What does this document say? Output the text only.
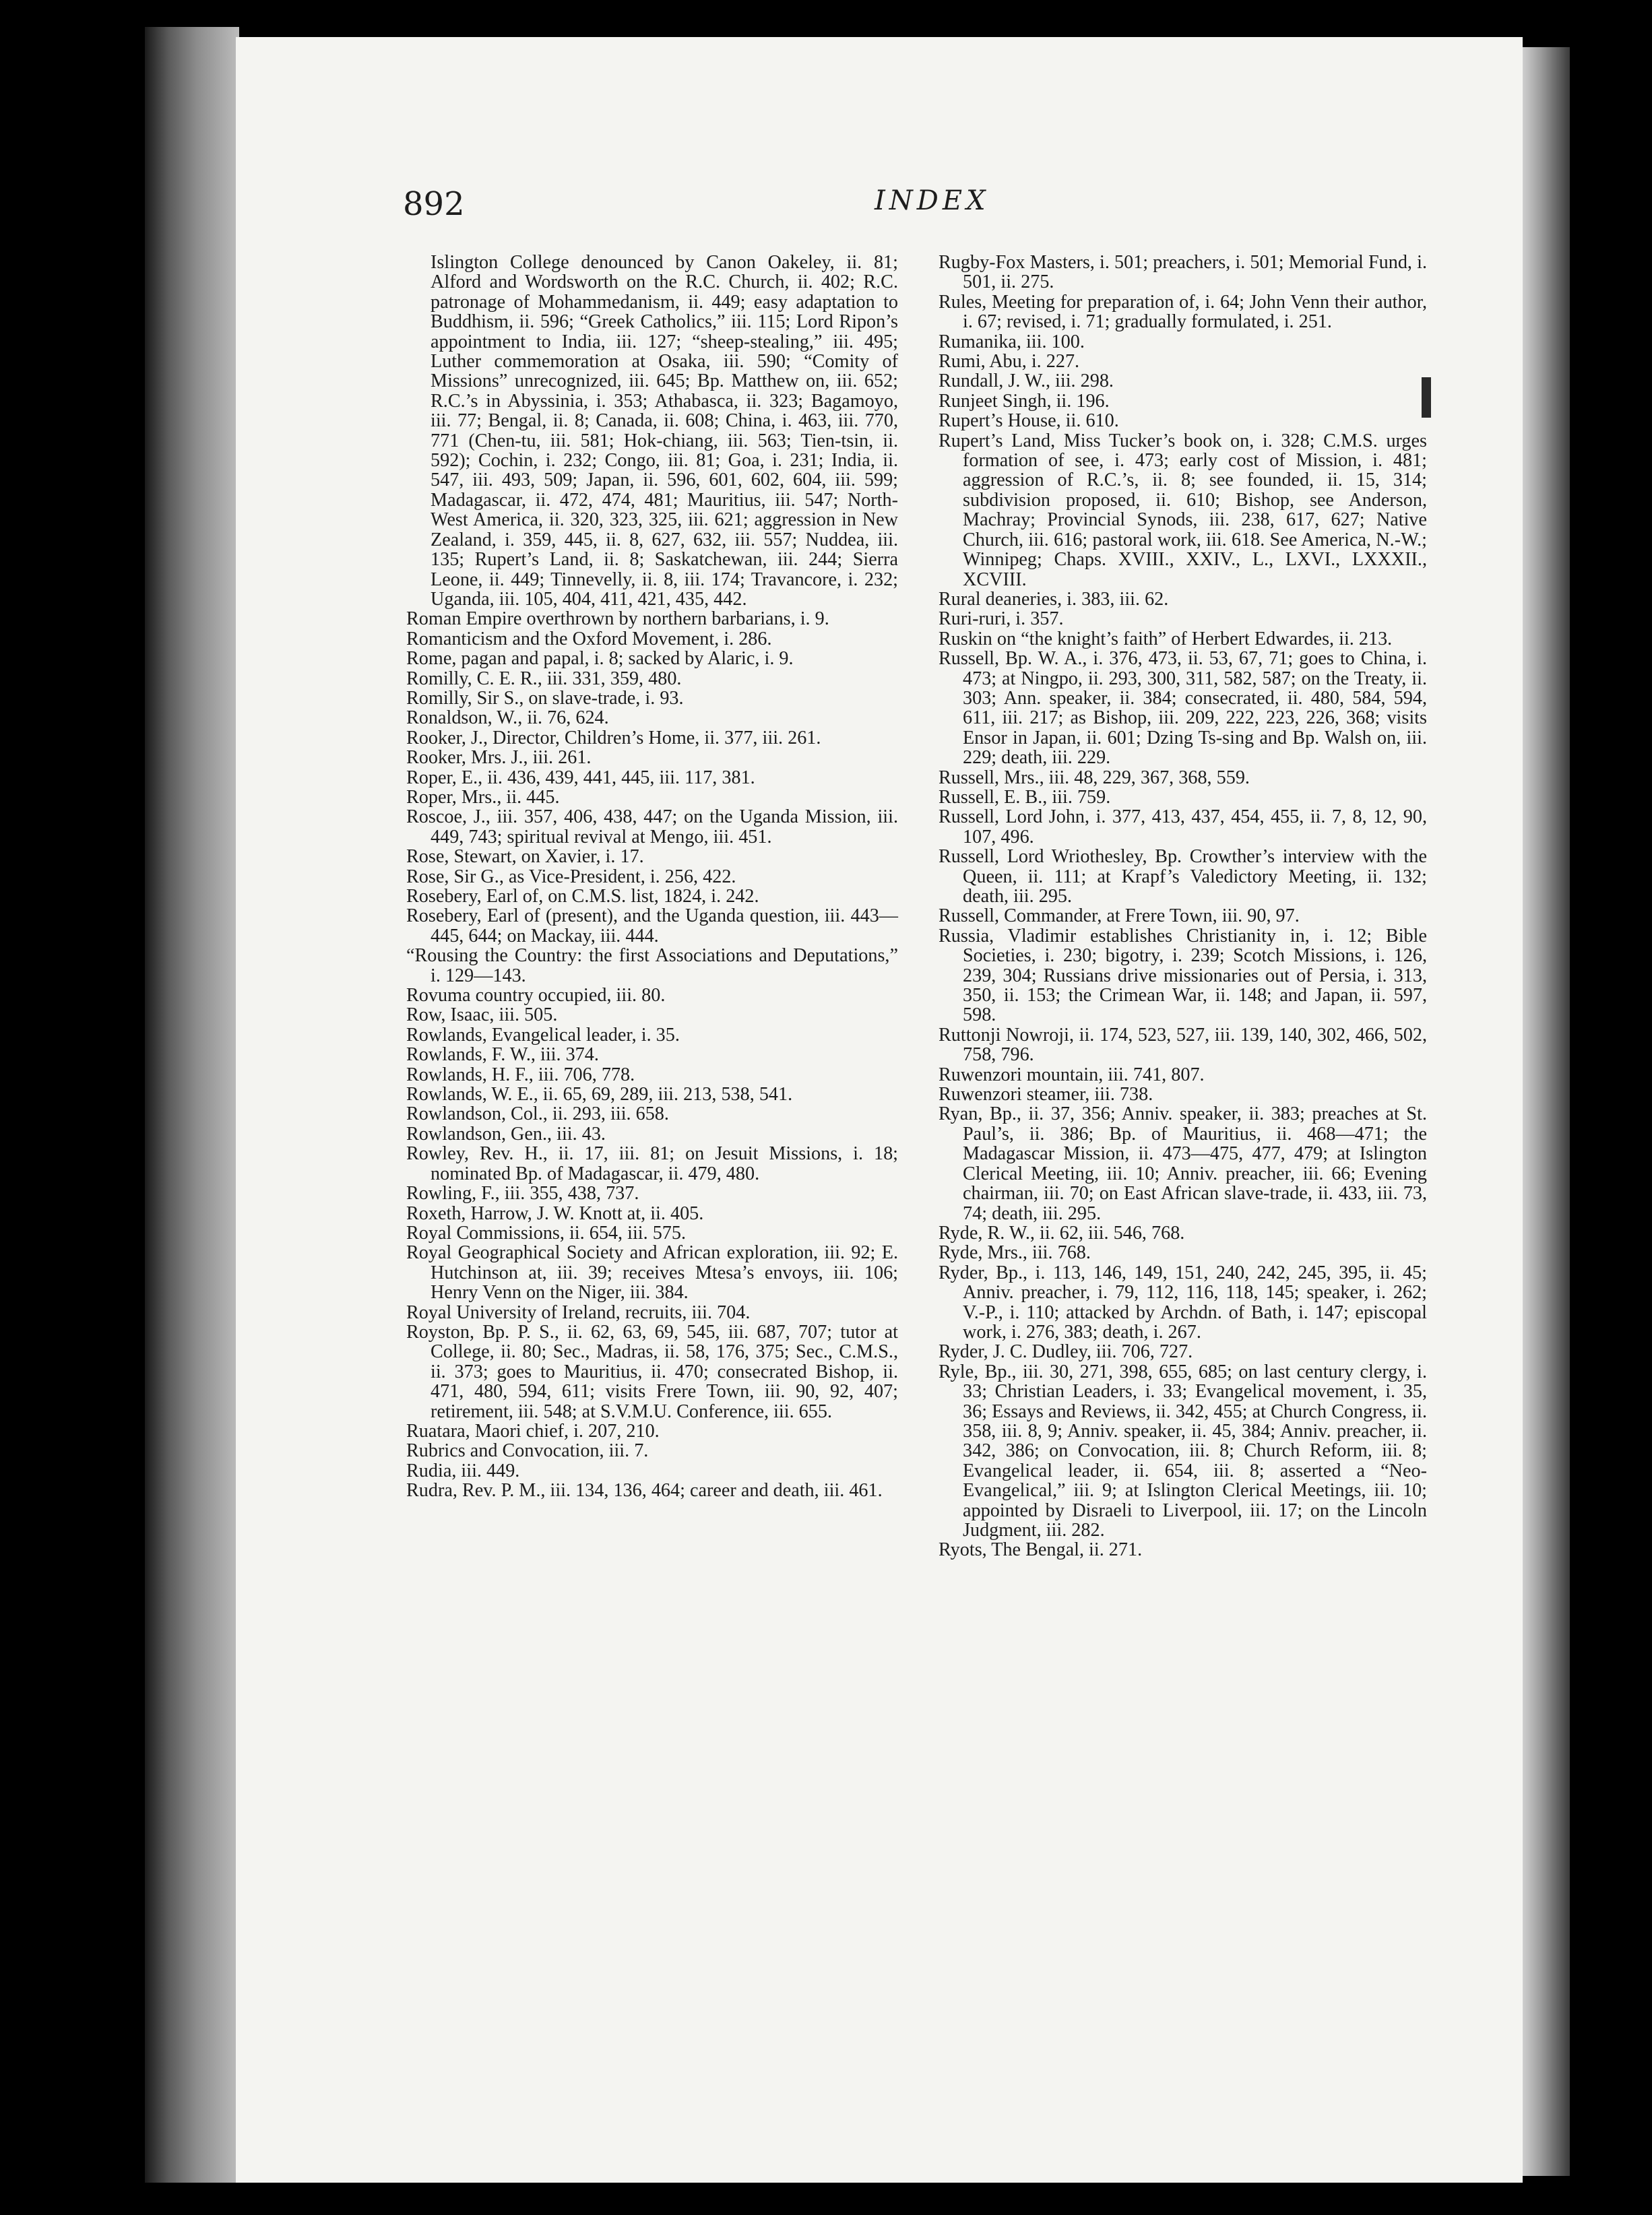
892	INDEX

Islington College denounced by Canon Oakeley, ii. 81; Alford and Wordsworth on the R.C. Church, ii. 402; R.C. patronage of Mohammedanism, ii. 449; easy adaptation to Buddhism, ii. 596; “Greek Catholics,” iii. 115; Lord Ripon’s appointment to India, iii. 127; “sheep-stealing,” iii. 495; Luther commemoration at Osaka, iii. 590; “Comity of Missions” unrecognized, iii. 645; Bp. Matthew on, iii. 652; R.C.’s in Abyssinia, i. 353; Athabasca, ii. 323; Bagamoyo, iii. 77; Bengal, ii. 8; Canada, ii. 608; China, i. 463, iii. 770, 771 (Chen-tu, iii. 581; Hok-chiang, iii. 563; Tien-tsin, ii. 592); Cochin, i. 232; Congo, iii. 81; Goa, i. 231; India, ii. 547, iii. 493, 509; Japan, ii. 596, 601, 602, 604, iii. 599; Madagascar, ii. 472, 474, 481; Mauritius, iii. 547; North-West America, ii. 320, 323, 325, iii. 621; aggression in New Zealand, i. 359, 445, ii. 8, 627, 632, iii. 557; Nuddea, iii. 135; Rupert’s Land, ii. 8; Saskatchewan, iii. 244; Sierra Leone, ii. 449; Tinnevelly, ii. 8, iii. 174; Travancore, i. 232; Uganda, iii. 105, 404, 411, 421, 435, 442.

Roman Empire overthrown by northern barbarians, i. 9.

Romanticism and the Oxford Movement, i. 286.

Rome, pagan and papal, i. 8; sacked by Alaric, i. 9.

Romilly, C. E. R., iii. 331, 359, 480.

Romilly, Sir S., on slave-trade, i. 93.

Ronaldson, W., ii. 76, 624.

Rooker, J., Director, Children’s Home, ii. 377, iii. 261.

Rooker, Mrs. J., iii. 261.

Roper, E., ii. 436, 439, 441, 445, iii. 117, 381.

Roper, Mrs., ii. 445.

Roscoe, J., iii. 357, 406, 438, 447; on the Uganda Mission, iii. 449, 743; spiritual revival at Mengo, iii. 451.

Rose, Stewart, on Xavier, i. 17.

Rose, Sir G., as Vice-President, i. 256, 422.

Rosebery, Earl of, on C.M.S. list, 1824, i. 242.

Rosebery, Earl of (present), and the Uganda question, iii. 443—445, 644; on Mackay, iii. 444.

“Rousing the Country: the first Associations and Deputations,” i. 129—143.

Rovuma country occupied, iii. 80.

Row, Isaac, iii. 505.

Rowlands, Evangelical leader, i. 35.

Rowlands, F. W., iii. 374.

Rowlands, H. F., iii. 706, 778.

Rowlands, W. E., ii. 65, 69, 289, iii. 213, 538, 541.

Rowlandson, Col., ii. 293, iii. 658.

Rowlandson, Gen., iii. 43.

Rowley, Rev. H., ii. 17, iii. 81; on Jesuit Missions, i. 18; nominated Bp. of Madagascar, ii. 479, 480.

Rowling, F., iii. 355, 438, 737.

Roxeth, Harrow, J. W. Knott at, ii. 405.

Royal Commissions, ii. 654, iii. 575.

Royal Geographical Society and African exploration, iii. 92; E. Hutchinson at, iii. 39; receives Mtesa’s envoys, iii. 106; Henry Venn on the Niger, iii. 384.

Royal University of Ireland, recruits, iii. 704.

Royston, Bp. P. S., ii. 62, 63, 69, 545, iii. 687, 707; tutor at College, ii. 80; Sec., Madras, ii. 58, 176, 375; Sec., C.M.S., ii. 373; goes to Mauritius, ii. 470; consecrated Bishop, ii. 471, 480, 594, 611; visits Frere Town, iii. 90, 92, 407; retirement, iii. 548; at S.V.M.U. Conference, iii. 655.

Ruatara, Maori chief, i. 207, 210.

Rubrics and Convocation, iii. 7.

Rudia, iii. 449.

Rudra, Rev. P. M., iii. 134, 136, 464; career and death, iii. 461.

Rugby-Fox Masters, i. 501; preachers, i. 501; Memorial Fund, i. 501, ii. 275.

Rules, Meeting for preparation of, i. 64; John Venn their author, i. 67; revised, i. 71; gradually formulated, i. 251.

Rumanika, iii. 100.

Rumi, Abu, i. 227.

Rundall, J. W., iii. 298.

Runjeet Singh, ii. 196.

Rupert’s House, ii. 610.

Rupert’s Land, Miss Tucker’s book on, i. 328; C.M.S. urges formation of see, i. 473; early cost of Mission, i. 481; aggression of R.C.’s, ii. 8; see founded, ii. 15, 314; subdivision proposed, ii. 610; Bishop, see Anderson, Machray; Provincial Synods, iii. 238, 617, 627; Native Church, iii. 616; pastoral work, iii. 618. See America, N.-W.; Winnipeg; Chaps. XVIII., XXIV., L., LXVI., LXXXII., XCVIII.

Rural deaneries, i. 383, iii. 62.

Ruri-ruri, i. 357.

Ruskin on “the knight’s faith” of Herbert Edwardes, ii. 213.

Russell, Bp. W. A., i. 376, 473, ii. 53, 67, 71; goes to China, i. 473; at Ningpo, ii. 293, 300, 311, 582, 587; on the Treaty, ii. 303; Ann. speaker, ii. 384; consecrated, ii. 480, 584, 594, 611, iii. 217; as Bishop, iii. 209, 222, 223, 226, 368; visits Ensor in Japan, ii. 601; Dzing Ts-sing and Bp. Walsh on, iii. 229; death, iii. 229.

Russell, Mrs., iii. 48, 229, 367, 368, 559.

Russell, E. B., iii. 759.

Russell, Lord John, i. 377, 413, 437, 454, 455, ii. 7, 8, 12, 90, 107, 496.

Russell, Lord Wriothesley, Bp. Crowther’s interview with the Queen, ii. 111; at Krapf’s Valedictory Meeting, ii. 132; death, iii. 295.

Russell, Commander, at Frere Town, iii. 90, 97.

Russia, Vladimir establishes Christianity in, i. 12; Bible Societies, i. 230; bigotry, i. 239; Scotch Missions, i. 126, 239, 304; Russians drive missionaries out of Persia, i. 313, 350, ii. 153; the Crimean War, ii. 148; and Japan, ii. 597, 598.

Ruttonji Nowroji, ii. 174, 523, 527, iii. 139, 140, 302, 466, 502, 758, 796.

Ruwenzori mountain, iii. 741, 807.

Ruwenzori steamer, iii. 738.

Ryan, Bp., ii. 37, 356; Anniv. speaker, ii. 383; preaches at St. Paul’s, ii. 386; Bp. of Mauritius, ii. 468—471; the Madagascar Mission, ii. 473—475, 477, 479; at Islington Clerical Meeting, iii. 10; Anniv. preacher, iii. 66; Evening chairman, iii. 70; on East African slave-trade, ii. 433, iii. 73, 74; death, iii. 295.

Ryde, R. W., ii. 62, iii. 546, 768.

Ryde, Mrs., iii. 768.

Ryder, Bp., i. 113, 146, 149, 151, 240, 242, 245, 395, ii. 45; Anniv. preacher, i. 79, 112, 116, 118, 145; speaker, i. 262; V.-P., i. 110; attacked by Archdn. of Bath, i. 147; episcopal work, i. 276, 383; death, i. 267.

Ryder, J. C. Dudley, iii. 706, 727.

Ryle, Bp., iii. 30, 271, 398, 655, 685; on last century clergy, i. 33; Christian Leaders, i. 33; Evangelical movement, i. 35, 36; Essays and Reviews, ii. 342, 455; at Church Congress, ii. 358, iii. 8, 9; Anniv. speaker, ii. 45, 384; Anniv. preacher, ii. 342, 386; on Convocation, iii. 8; Church Reform, iii. 8; Evangelical leader, ii. 654, iii. 8; asserted a “Neo-Evangelical,” iii. 9; at Islington Clerical Meetings, iii. 10; appointed by Disraeli to Liverpool, iii. 17; on the Lincoln Judgment, iii. 282.

Ryots, The Bengal, ii. 271.
